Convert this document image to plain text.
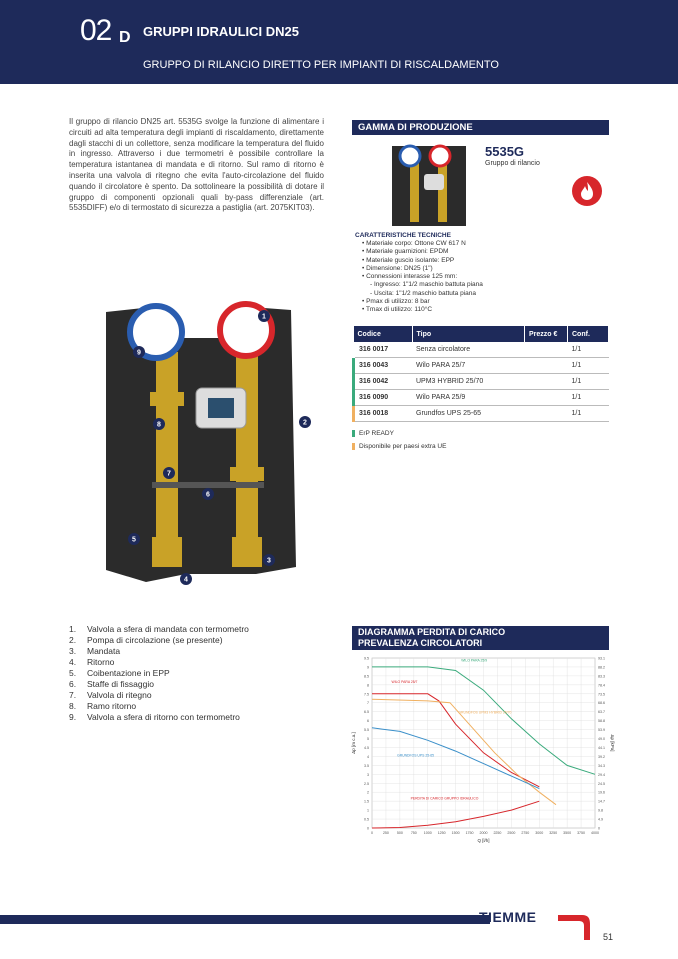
02 D GRUPPI IDRAULICI DN25
GRUPPO DI RILANCIO DIRETTO PER IMPIANTI DI RISCALDAMENTO

Il gruppo di rilancio DN25 art. 5535G svolge la funzione di alimentare i circuiti ad alta temperatura degli impianti di riscaldamento, direttamente dagli stacchi di un collettore, senza modificare la temperatura del fluido in ingresso. Attraverso i due termometri è possibile controllare la temperatura istantanea di mandata e di ritorno. Sul ramo di ritorno è inserita una valvola di ritegno che evita l'auto-circolazione del fluido quando il circolatore è spento. Da sottolineare la possibilità di dotare il gruppo di componenti opzionali quali by-pass differenziale (art. 5535DIFF) e/o di termostato di sicurezza a pastiglia (art. 2075KIT03).

1
2
3
4
5
6
7
8
9
1.	Valvola a sfera di mandata con termometro
2.	Pompa di circolazione (se presente)
3.	Mandata
4.	Ritorno
5.	Coibentazione in EPP
6.	Staffe di fissaggio
7.	Valvola di ritegno
8.	Ramo ritorno
9.	Valvola a sfera di ritorno con termometro
GAMMA DI PRODUZIONE
5535G
Gruppo di rilancio
CARATTERISTICHE TECNICHE
• Materiale corpo: Ottone CW 617 N
• Materiale guarnizioni: EPDM
• Materiale guscio isolante: EPP
• Dimensione: DN25 (1")
• Connessioni interasse 125 mm:
- Ingresso: 1"1/2 maschio battuta piana
- Uscita: 1"1/2 maschio battuta piana
• Pmax di utilizzo: 8 bar
• Tmax di utilizzo: 110°C
Codice	Tipo	Prezzo €	Conf.
316 0017	Senza circolatore		1/1
316 0043	Wilo PARA 25/7		1/1
316 0042	UPM3 HYBRID 25/70		1/1
316 0090	Wilo PARA 25/9		1/1
316 0018	Grundfos UPS 25-65		1/1
ErP READY
Disponibile per paesi extra UE
DIAGRAMMA PERDITA DI CARICO
PREVALENZA CIRCOLATORI
0	0
0.5	4.9
1	9.8
1.5	14.7
2	19.6
2.5	24.5
3	29.4
3.5	34.3
4	39.2
4.5	44.1
5	49.0
5.5	53.9
6	58.8
6.5	63.7
7	68.6
7.5	73.5
8	78.4
8.5	83.3
9	88.2
9.5	93.1
0	250 500 750 1000 1250 1500 1750 2000 2250 2500 2750 3000 3250 3500 3750 4000
Q [l/h]
Δp [m c.a.]	Δp [kPa]
WILO PARA 25/9
WILO PARA 25/7
GRUNDFOS UPM3 HYBRID 25/70
GRUNDFOS UPS 25-65
PERDITA DI CARICO GRUPPO IDRAULICO
TIEMME
51
